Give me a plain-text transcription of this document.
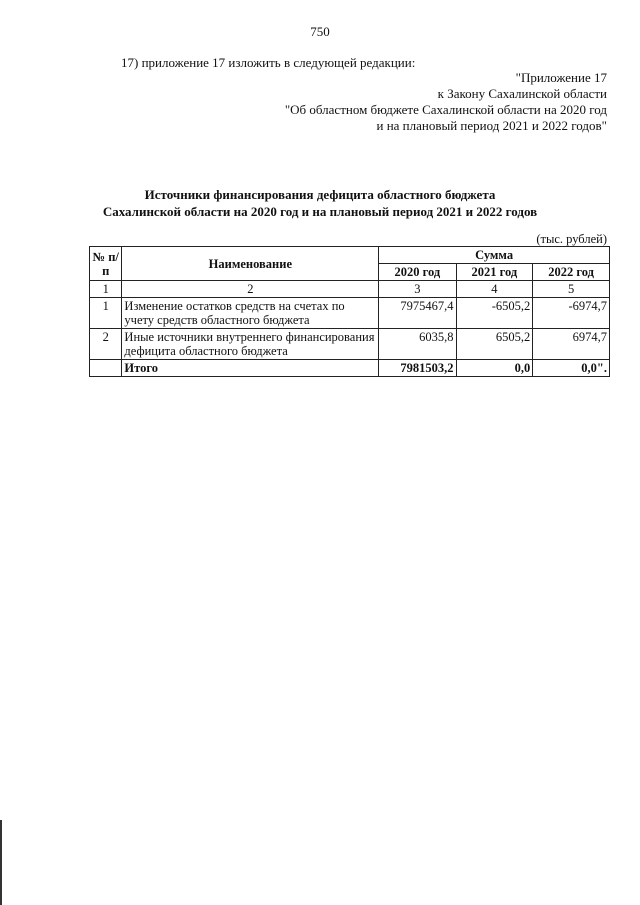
750
17) приложение 17 изложить в следующей редакции:
"Приложение 17
к Закону Сахалинской области
"Об областном бюджете Сахалинской области на 2020 год
и на плановый период 2021 и 2022 годов"
Источники финансирования дефицита областного бюджета
Сахалинской области на 2020 год и на плановый период 2021 и 2022 годов
(тыс. рублей)
№ п/п	Наименование	Сумма		
		2020 год	2021 год	2022 год
1	2	3	4	5
1	Изменение остатков средств на счетах по учету средств областного бюджета	7975467,4	-6505,2	-6974,7
2	Иные источники внутреннего финансирования дефицита областного бюджета	6035,8	6505,2	6974,7
	Итого	7981503,2	0,0	0,0".
